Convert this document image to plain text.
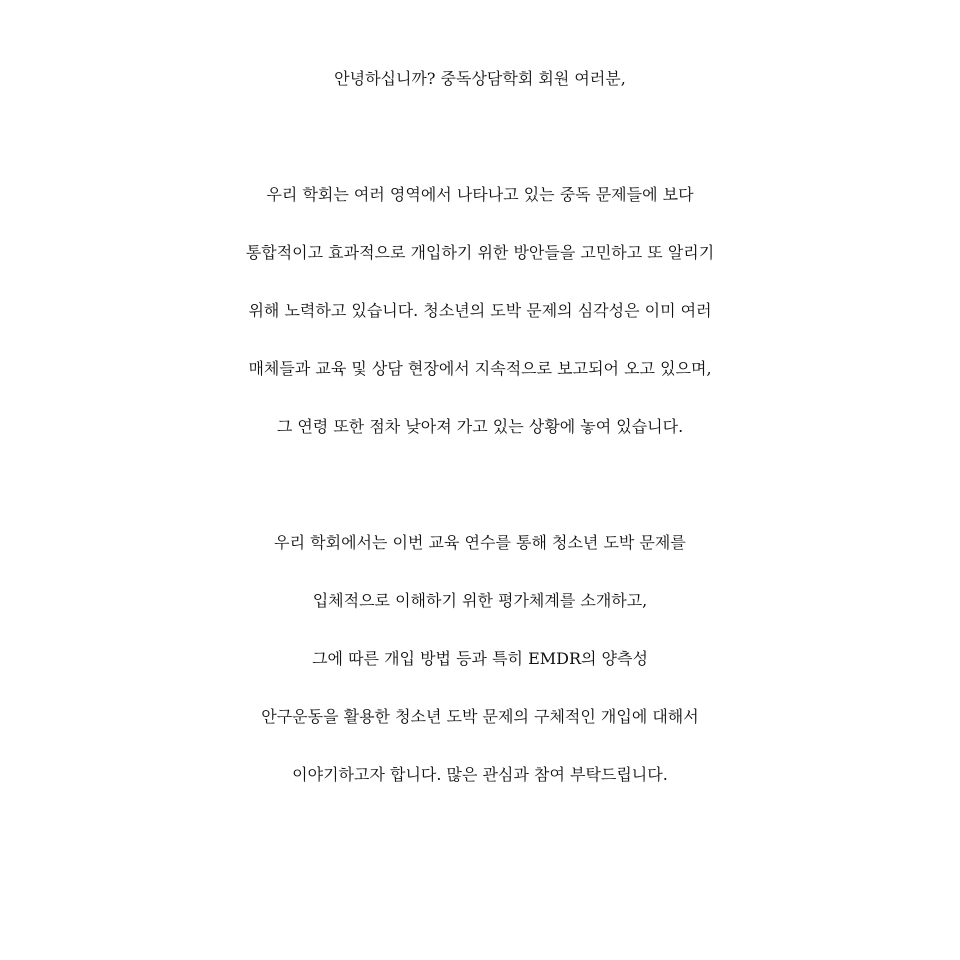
안녕하십니까? 중독상담학회 회원 여러분,
우리 학회는 여러 영역에서 나타나고 있는 중독 문제들에 보다
통합적이고 효과적으로 개입하기 위한 방안들을 고민하고 또 알리기
위해 노력하고 있습니다. 청소년의 도박 문제의 심각성은 이미 여러
매체들과 교육 및 상담 현장에서 지속적으로 보고되어 오고 있으며,
그 연령 또한 점차 낮아져 가고 있는 상황에 놓여 있습니다.
우리 학회에서는 이번 교육 연수를 통해 청소년 도박 문제를
입체적으로 이해하기 위한 평가체계를 소개하고,
그에 따른 개입 방법 등과 특히 EMDR의 양측성
안구운동을 활용한 청소년 도박 문제의 구체적인 개입에 대해서
이야기하고자 합니다. 많은 관심과 참여 부탁드립니다.
